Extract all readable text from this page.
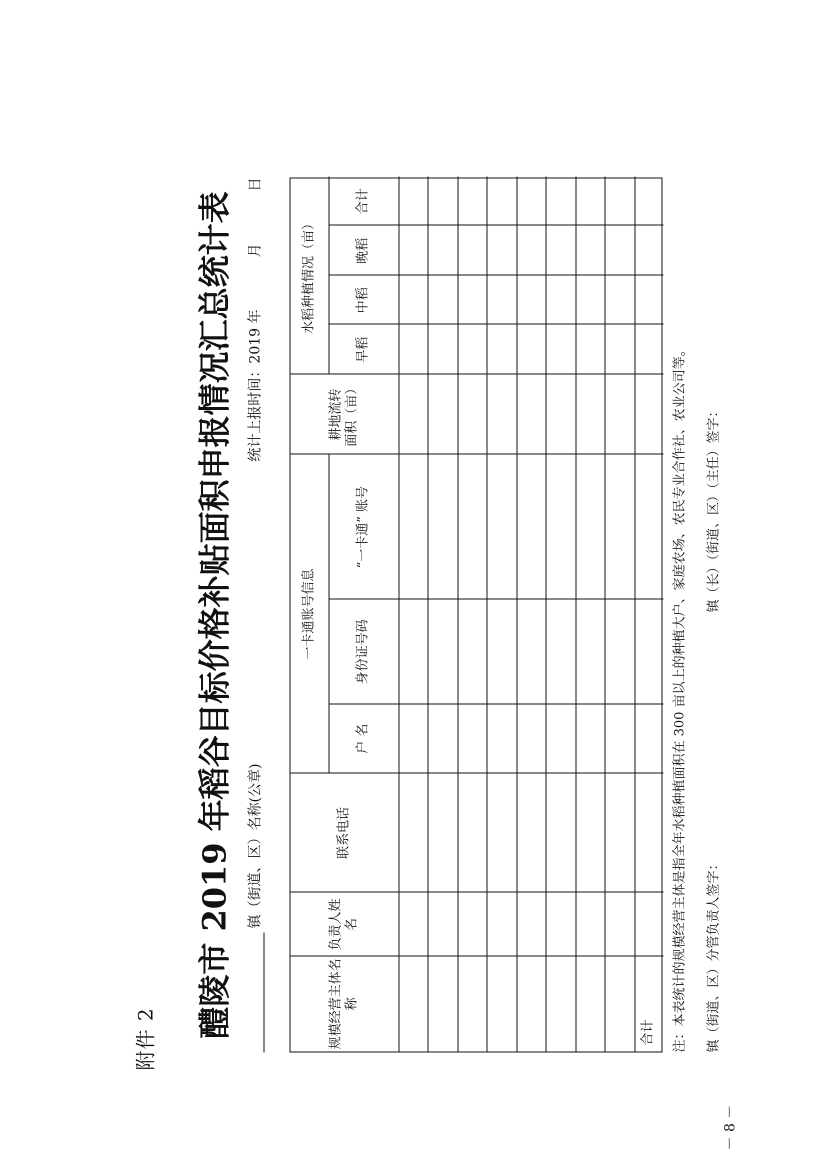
附件 2
醴陵市 2019 年稻谷目标价格补贴面积申报情况汇总统计表 镇（街道、区）名称(公章)
统计上报时间：2019 年月日
规模经营主体名称
负责人姓名
联系电话
一卡通账号信息
户 名
身份证号码
“一卡通” 账号
耕地流转面积（亩）
水稻种植情况（亩）
早稻
中稻
晚稻
合计
合计	注：本表统计的规模经营主体是指全年水稻种植面积在 300 亩以上的种植大户、家庭农场、农民专业合作社、农业公司等。	镇（街道、区）分管负责人签字：
镇（长）（街道、区）（主任）签字：
－ 8 －
